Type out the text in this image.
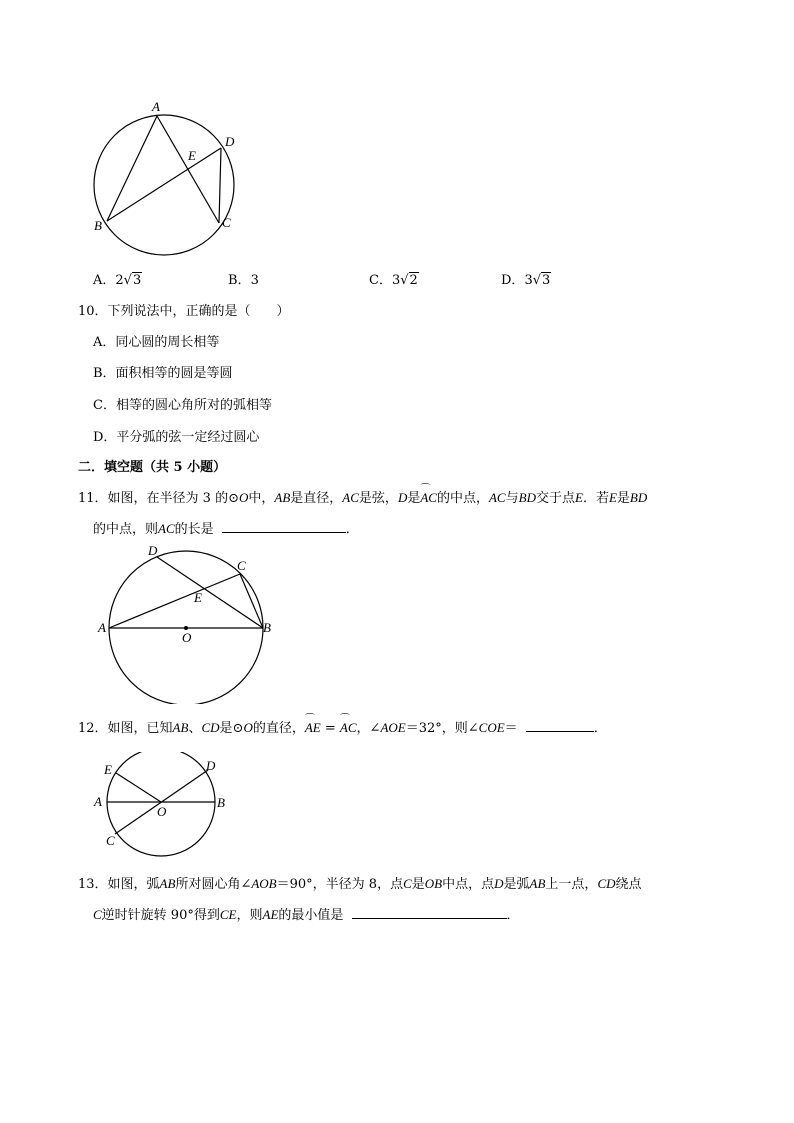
A
D
E
B	C
A．2√3	B．3	C．3√2	D．3√3
10．下列说法中，正确的是（　　）
A．同心圆的周长相等
B．面积相等的圆是等圆
C．相等的圆心角所对的弧相等
D．平分弧的弦一定经过圆心
二．填空题（共 5 小题）
11．如图，在半径为 3 的⊙O中，AB是直径，AC是弦，D是⌒ AC的中点，AC与BD交于点E．若E是BD
的中点，则AC的长是	．
D
C
E
A
O
B
12．如图，已知AB、CD是⊙O的直径，⌒ AE = ⌒ AC，∠AOE＝32°，则∠COE＝	．
E	D
A	B
O
C
13．如图，弧AB所对圆心角∠AOB＝90°，半径为 8，点C是OB中点，点D是弧AB上一点，CD绕点
C逆时针旋转 90°得到CE，则AE的最小值是	．
